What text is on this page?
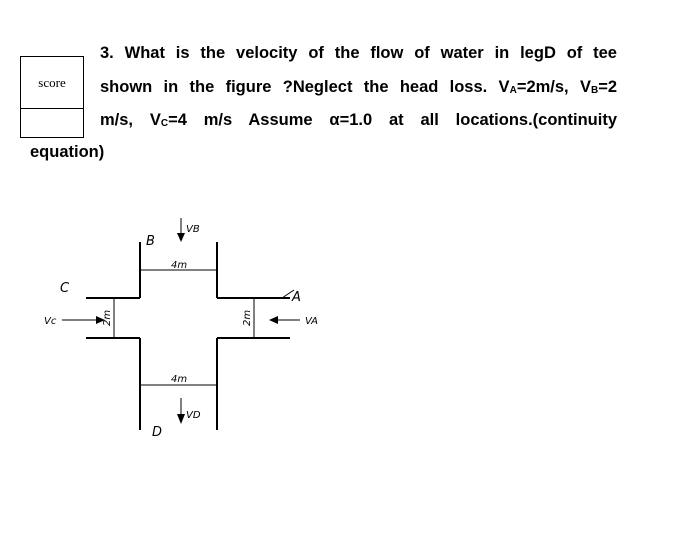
score
3. What is the velocity of the flow of water in legD of tee
shown in the figure ?Neglect the head loss. $V_A=2m/s$, $V_B=2$
m/s, $V_C=4$ m/s Assume α=1.0 at all locations.(continuity
equation)
B
C
A
D
VB
VD
Vc	VA
4m
4m
2m	2m
